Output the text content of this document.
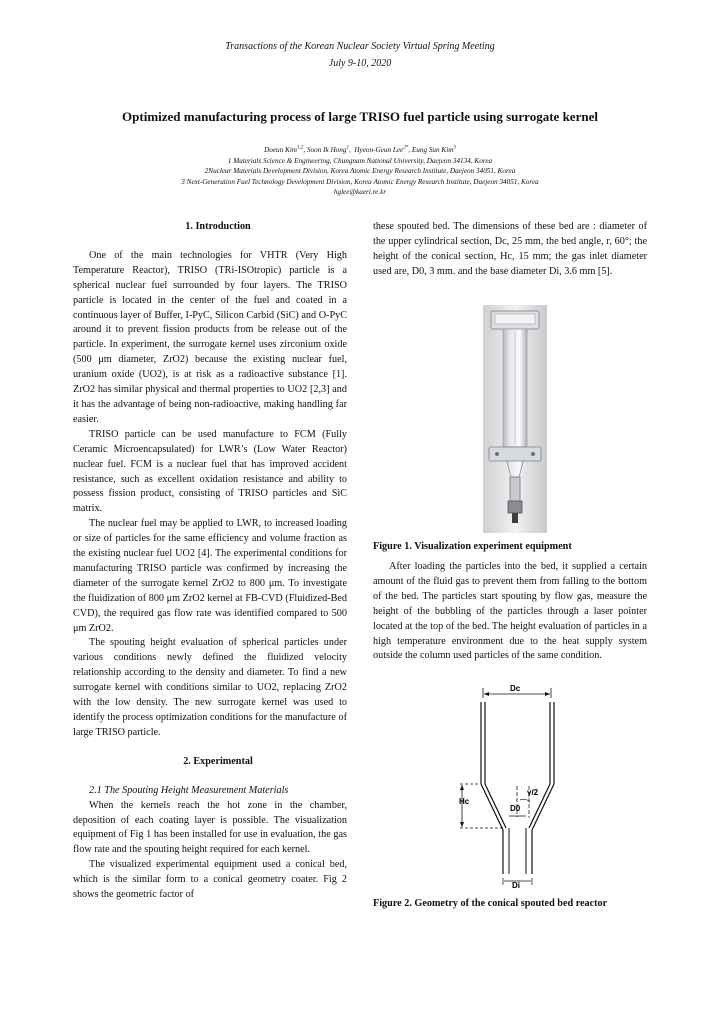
Transactions of the Korean Nuclear Society Virtual Spring Meeting
July 9-10, 2020
Optimized manufacturing process of large TRISO fuel particle using surrogate kernel
Doeun Kim$^{1,2}$, Soon Ik Hong$^1$,  Hyeon-Geun Lee$^{2*}$, Eung Sun Kim$^3$
1 Materials Science & Engineering, Chungnam National University, Daejeon 34134, Korea
2Nuclear Materials Development Division, Korea Atomic Energy Research Institute, Daejeon 34051, Korea
3 Next-Generation Fuel Technology Development Division, Korea Atomic Energy Research Institute, Daejeon 34051, Korea
hglee@kaeri.re.kr

1. Introduction

One of the main technologies for VHTR (Very High Temperature Reactor), TRISO (TRi-ISOtropic) particle is a spherical nuclear fuel surrounded by four layers. The TRISO particle is located in the center of the fuel and coated in a continuous layer of Buffer, I-PyC, Silicon Carbid (SiC) and O-PyC around it to prevent fission products from be release out of the particle. In experiment, the surrogate kernel uses zirconium oxide (500 μm diameter, ZrO2) because the existing nuclear fuel, uranium oxide (UO2), is at risk as a radioactive substance [1]. ZrO2 has similar physical and thermal properties to UO2 [2,3] and it has the advantage of being non-radioactive, making handling far easier.

TRISO particle can be used manufacture to FCM (Fully Ceramic Microencapsulated) for LWR’s (Low Water Reactor) nuclear fuel. FCM is a nuclear fuel that has improved accident resistance, such as excellent oxidation resistance and ability to possess fission product, consisting of TRISO particles and SiC matrix.

The nuclear fuel may be applied to LWR, to increased loading or size of particles for the same efficiency and volume fraction as the existing nuclear fuel UO2 [4]. The experimental conditions for manufacturing TRISO particle was confirmed by increasing the diameter of the surrogate kernel ZrO2 to 800 μm. To investigate the fluidization of 800 μm ZrO2 kernel at FB-CVD (Fluidized-Bed CVD), the required gas flow rate was identified compared to 500 μm ZrO2.

The spouting height evaluation of spherical particles under various conditions newly defined the fluidized velocity relationship according to the density and diameter. To find a new surrogate kernel with conditions similar to UO2, replacing ZrO2 with the low density. The new surrogate kernel was used to identify the process optimization conditions for the manufacture of large TRISO particle.

2. Experimental

2.1 The Spouting Height Measurement Materials

When the kernels reach the hot zone in the chamber, deposition of each coating layer is possible. The visualization equipment of Fig 1 has been installed for use in evaluation, the gas flow rate and the spouting height required for each kernel.

The visualized experimental equipment used a conical bed, which is the similar form to a conical geometry coater. Fig 2 shows the geometric factor of

these spouted bed. The dimensions of these bed are : diameter of the upper cylindrical section, Dc, 25 mm, the bed angle, r, 60°; the height of the conical section, Hc, 15 mm; the gas inlet diameter used are, D0, 3 mm. and the base diameter Di, 3.6 mm [5].

Figure 1. Visualization experiment equipment

After loading the particles into the bed, it supplied a certain amount of the fluid gas to prevent them from falling to the bottom of the bed. The particles start spouting by flow gas, measure the height of the bubbling of the particles through a laser pointer located at the top of the bed. The height evaluation of particles in a high temperature environment due to the heat supply system outside the column used particles of the same condition.

Dc
Hc
γ/2
D0
Di
Figure 2. Geometry of the conical spouted bed reactor
